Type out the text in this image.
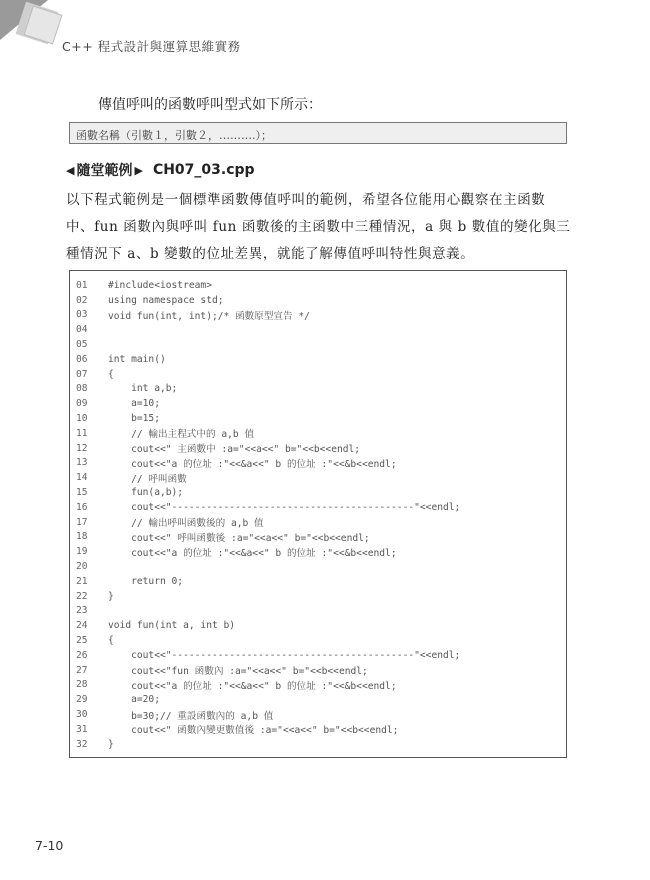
C++ 程式設計與運算思維實務
傳值呼叫的函數呼叫型式如下所示：
函數名稱（引數１，引數２，……….）；
◀ 隨堂範例 ▶ CH07_03.cpp
以下程式範例是一個標準函數傳值呼叫的範例，希望各位能用心觀察在主函數
中、fun 函數內與呼叫 fun 函數後的主函數中三種情況，a 與 b 數值的變化與三
種情況下 a、b 變數的位址差異，就能了解傳值呼叫特性與意義。
01	#include<iostream>
02	using namespace std;
03	void fun(int, int);/* 函數原型宣告 */
04
05
06	int main()
07	{
08	int a,b;
09	a=10;
10	b=15;
11	// 輸出主程式中的 a,b 值
12	cout<<" 主函數中 :a="<<a<<" b="<<b<<endl;
13	cout<<"a 的位址 :"<<&a<<" b 的位址 :"<<&b<<endl;
14	// 呼叫函數
15	fun(a,b);
16	cout<<"------------------------------------------"<<endl;
17	// 輸出呼叫函數後的 a,b 值
18	cout<<" 呼叫函數後 :a="<<a<<" b="<<b<<endl;
19	cout<<"a 的位址 :"<<&a<<" b 的位址 :"<<&b<<endl;
20
21	return 0;
22	}
23
24	void fun(int a, int b)
25	{
26	cout<<"------------------------------------------"<<endl;
27	cout<<"fun 函數內 :a="<<a<<" b="<<b<<endl;
28	cout<<"a 的位址 :"<<&a<<" b 的位址 :"<<&b<<endl;
29	a=20;
30	b=30;// 重設函數內的 a,b 值
31	cout<<" 函數內變更數值後 :a="<<a<<" b="<<b<<endl;
32	}
7-10
